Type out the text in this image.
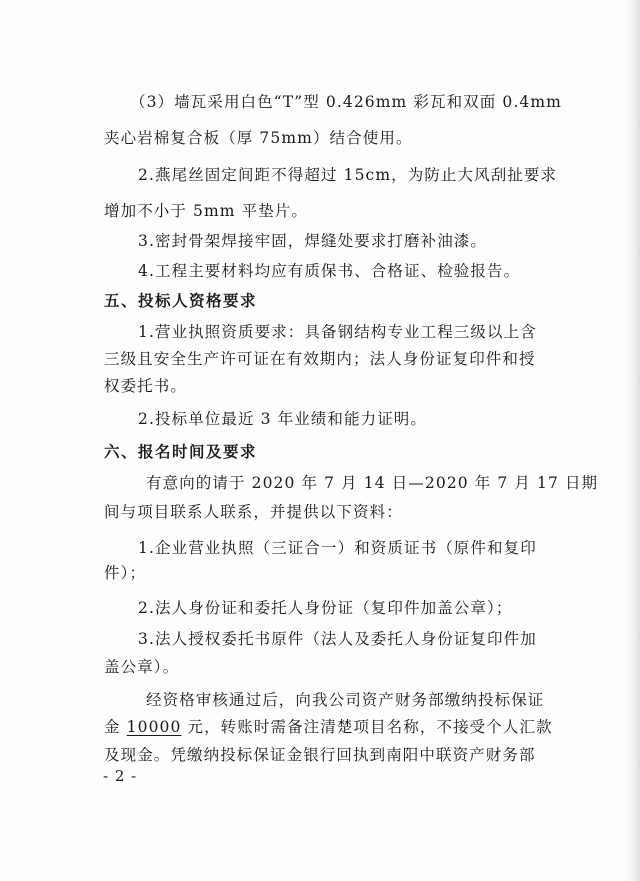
（3）墙瓦采用白色“T”型 0.426mm 彩瓦和双面 0.4mm
夹心岩棉复合板（厚 75mm）结合使用。
2.燕尾丝固定间距不得超过 15cm，为防止大风刮扯要求
增加不小于 5mm 平垫片。
3.密封骨架焊接牢固，焊缝处要求打磨补油漆。
4.工程主要材料均应有质保书、合格证、检验报告。
五、投标人资格要求
1.营业执照资质要求：具备钢结构专业工程三级以上含
三级且安全生产许可证在有效期内；法人身份证复印件和授
权委托书。
2.投标单位最近 3 年业绩和能力证明。
六、报名时间及要求
有意向的请于 2020 年 7 月 14 日—2020 年 7 月 17 日期
间与项目联系人联系，并提供以下资料：
1.企业营业执照（三证合一）和资质证书（原件和复印
件）；
2.法人身份证和委托人身份证（复印件加盖公章）；
3.法人授权委托书原件（法人及委托人身份证复印件加
盖公章）。
经资格审核通过后，向我公司资产财务部缴纳投标保证
金 10000 元，转账时需备注清楚项目名称，不接受个人汇款
及现金。凭缴纳投标保证金银行回执到南阳中联资产财务部
- 2 -
